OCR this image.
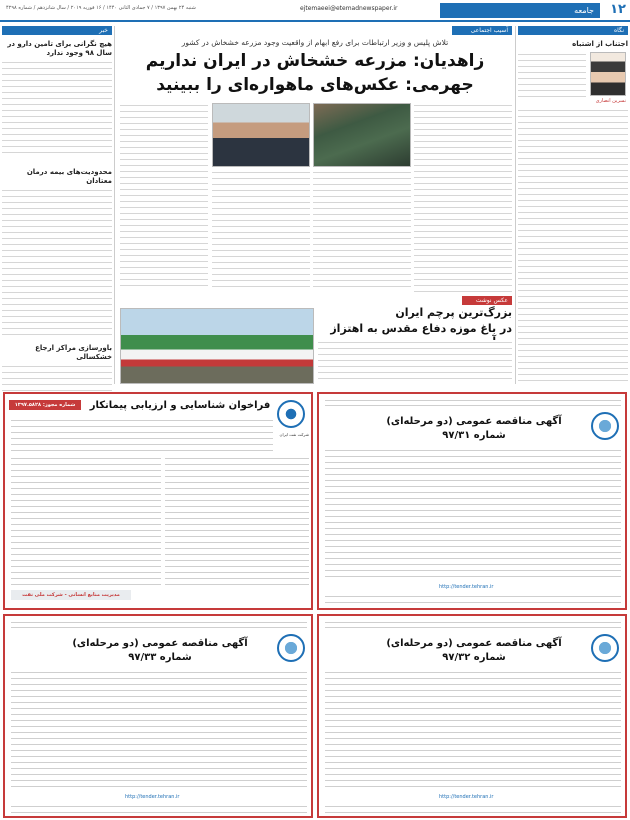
۱۲
جامعه
ejtemaeei@etemadnewspaper.ir
شنبه ۲۴ بهمن ۱۳۹۷ / ۷ جمادی الثانی ۱۴۴۰ / ۱۶ فوریه ۲۰۱۹ / سال شانزدهم / شماره ۴۲۹۸
خبر
هیچ نگرانی برای تامین دارو در سال ۹۸ وجود ندارد
محدودیت‌های بیمه درمان معتادان
باورسازی مراکز ارجاع خشکسالی
نگاه
اجتناب از اشتباه
نسرین انصاری
آسیب اجتماعی
تلاش پلیس و وزیر ارتباطات برای رفع ابهام از واقعیت وجود مزرعه خشخاش در کشور
زاهدیان: مزرعه خشخاش در ایران نداریم
جهرمی: عکس‌های ماهواره‌ای را ببینید
عکس نوشت
بزرگ‌ترین پرچم ایران
در باغ موزه دفاع مقدس به اهتزاز
شرکت نفت ایران
فراخوان شناسایی و ارزیابی پیمانکار
شماره مجوز: ۱۳۹۷.۵۸۲۸
مدیریت منابع انسانی - شرکت ملی نفت
آگهی مناقصه عمومی (دو مرحله‌ای)
شماره ۹۷/۳۱
http://tender.tehran.ir
آگهی مناقصه عمومی (دو مرحله‌ای)
شماره ۹۷/۳۳
http://tender.tehran.ir
آگهی مناقصه عمومی (دو مرحله‌ای)
شماره ۹۷/۳۲
http://tender.tehran.ir
